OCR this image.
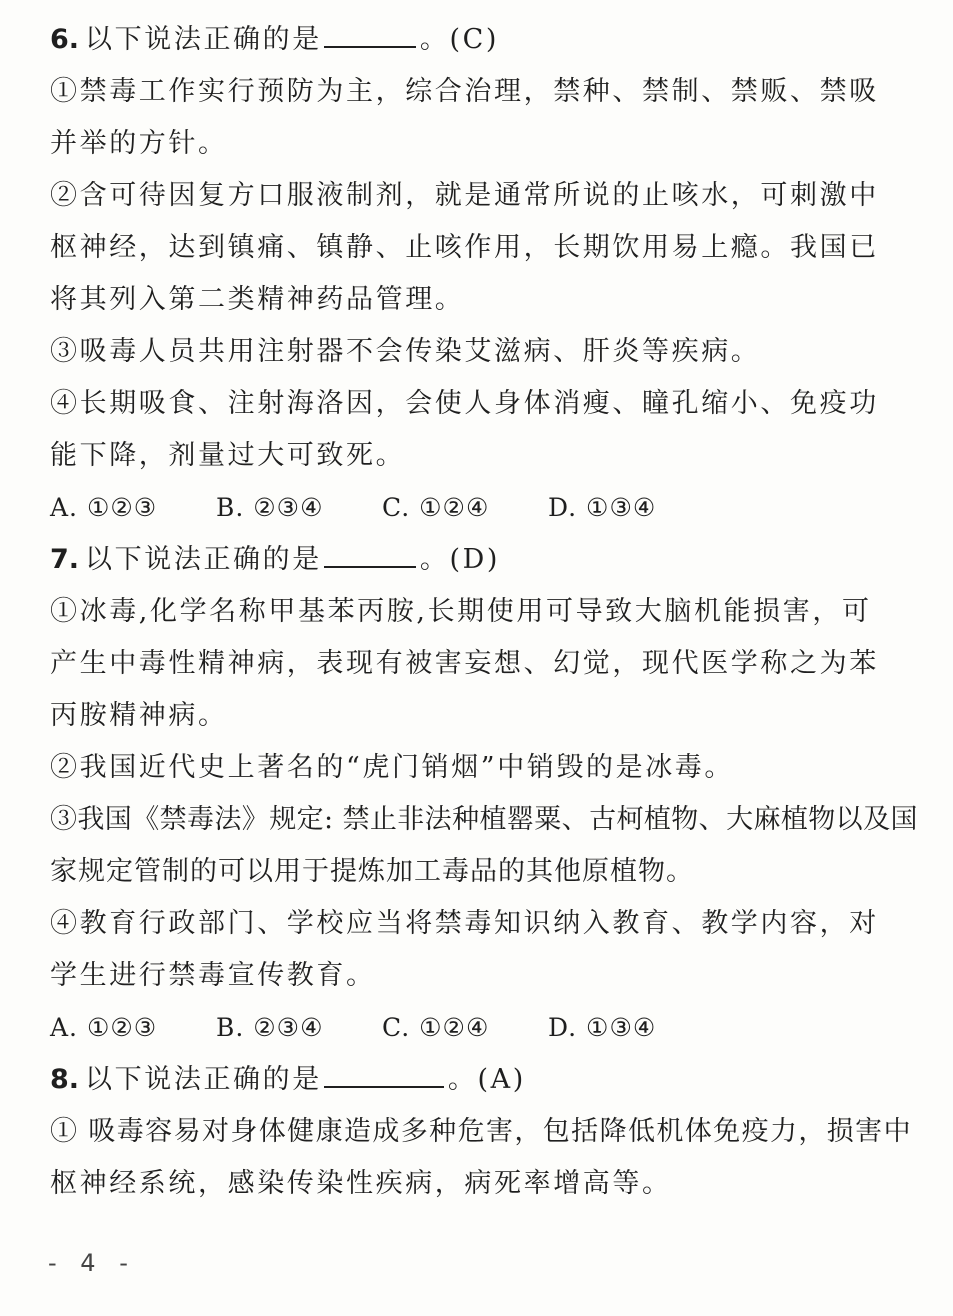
6. 以下说法正确的是	。(C)
①禁毒工作实行预防为主，综合治理，禁种、禁制、禁贩、禁吸
并举的方针。
②含可待因复方口服液制剂，就是通常所说的止咳水，可刺激中
枢神经，达到镇痛、镇静、止咳作用，长期饮用易上瘾。我国已
将其列入第二类精神药品管理。
③吸毒人员共用注射器不会传染艾滋病、肝炎等疾病。
④长期吸食、注射海洛因，会使人身体消瘦、瞳孔缩小、免疫功
能下降，剂量过大可致死。
A. ①②③	B. ②③④	C. ①②④	D. ①③④
7. 以下说法正确的是	。(D)
①冰毒,化学名称甲基苯丙胺,长期使用可导致大脑机能损害，可
产生中毒性精神病，表现有被害妄想、幻觉，现代医学称之为苯
丙胺精神病。
②我国近代史上著名的“虎门销烟”中销毁的是冰毒。
③我国《禁毒法》规定: 禁止非法种植罂粟、古柯植物、大麻植物以及国
家规定管制的可以用于提炼加工毒品的其他原植物。
④教育行政部门、学校应当将禁毒知识纳入教育、教学内容，对
学生进行禁毒宣传教育。
A. ①②③	B. ②③④	C. ①②④	D. ①③④
8. 以下说法正确的是	。(A)
① 吸毒容易对身体健康造成多种危害，包括降低机体免疫力，损害中
枢神经系统，感染传染性疾病，病死率增高等。
- 4 -
